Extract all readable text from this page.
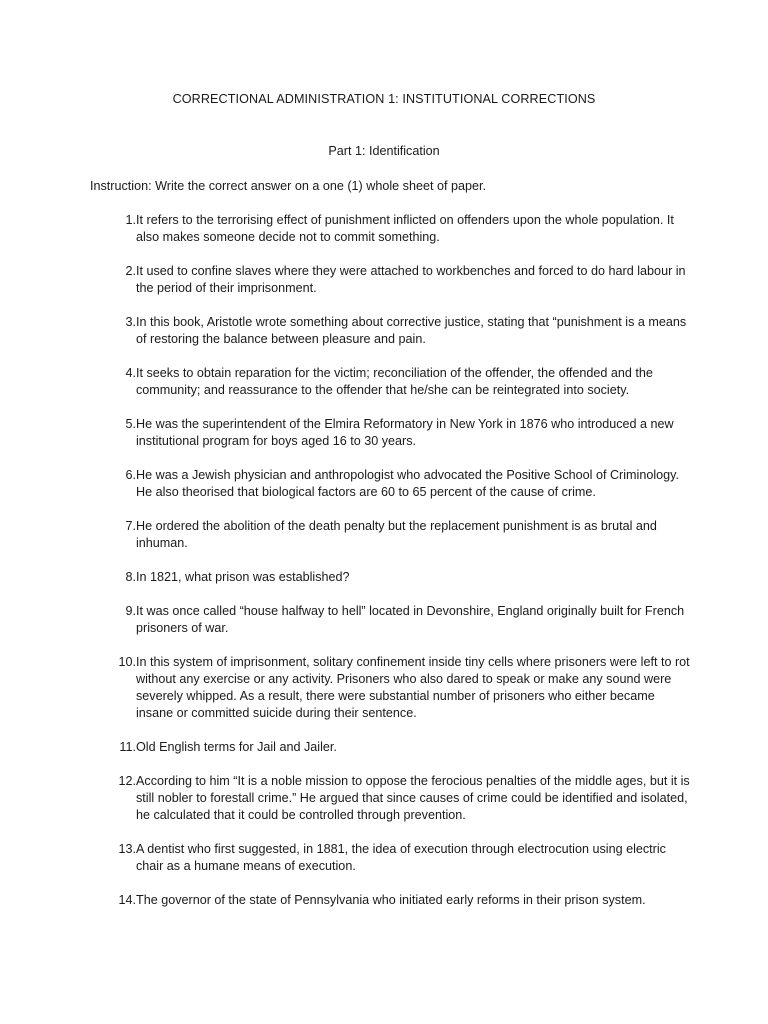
CORRECTIONAL ADMINISTRATION 1: INSTITUTIONAL CORRECTIONS
Part 1: Identification

Instruction: Write the correct answer on a one (1) whole sheet of paper.

1. It refers to the terrorising effect of punishment inflicted on offenders upon the whole population. It also makes someone decide not to commit something.
2. It used to confine slaves where they were attached to workbenches and forced to do hard labour in the period of their imprisonment.
3. In this book, Aristotle wrote something about corrective justice, stating that “punishment is a means of restoring the balance between pleasure and pain.
4. It seeks to obtain reparation for the victim; reconciliation of the offender, the offended and the community; and reassurance to the offender that he/she can be reintegrated into society.
5. He was the superintendent of the Elmira Reformatory in New York in 1876 who introduced a new institutional program for boys aged 16 to 30 years.
6. He was a Jewish physician and anthropologist who advocated the Positive School of Criminology. He also theorised that biological factors are 60 to 65 percent of the cause of crime.
7. He ordered the abolition of the death penalty but the replacement punishment is as brutal and inhuman.
8. In 1821, what prison was established?
9. It was once called “house halfway to hell” located in Devonshire, England originally built for French prisoners of war.
10. In this system of imprisonment, solitary confinement inside tiny cells where prisoners were left to rot without any exercise or any activity. Prisoners who also dared to speak or make any sound were severely whipped. As a result, there were substantial number of prisoners who either became insane or committed suicide during their sentence.
11. Old English terms for Jail and Jailer.
12. According to him “It is a noble mission to oppose the ferocious penalties of the middle ages, but it is still nobler to forestall crime.” He argued that since causes of crime could be identified and isolated, he calculated that it could be controlled through prevention.
13. A dentist who first suggested, in 1881, the idea of execution through electrocution using electric chair as a humane means of execution.
14. The governor of the state of Pennsylvania who initiated early reforms in their prison system.
